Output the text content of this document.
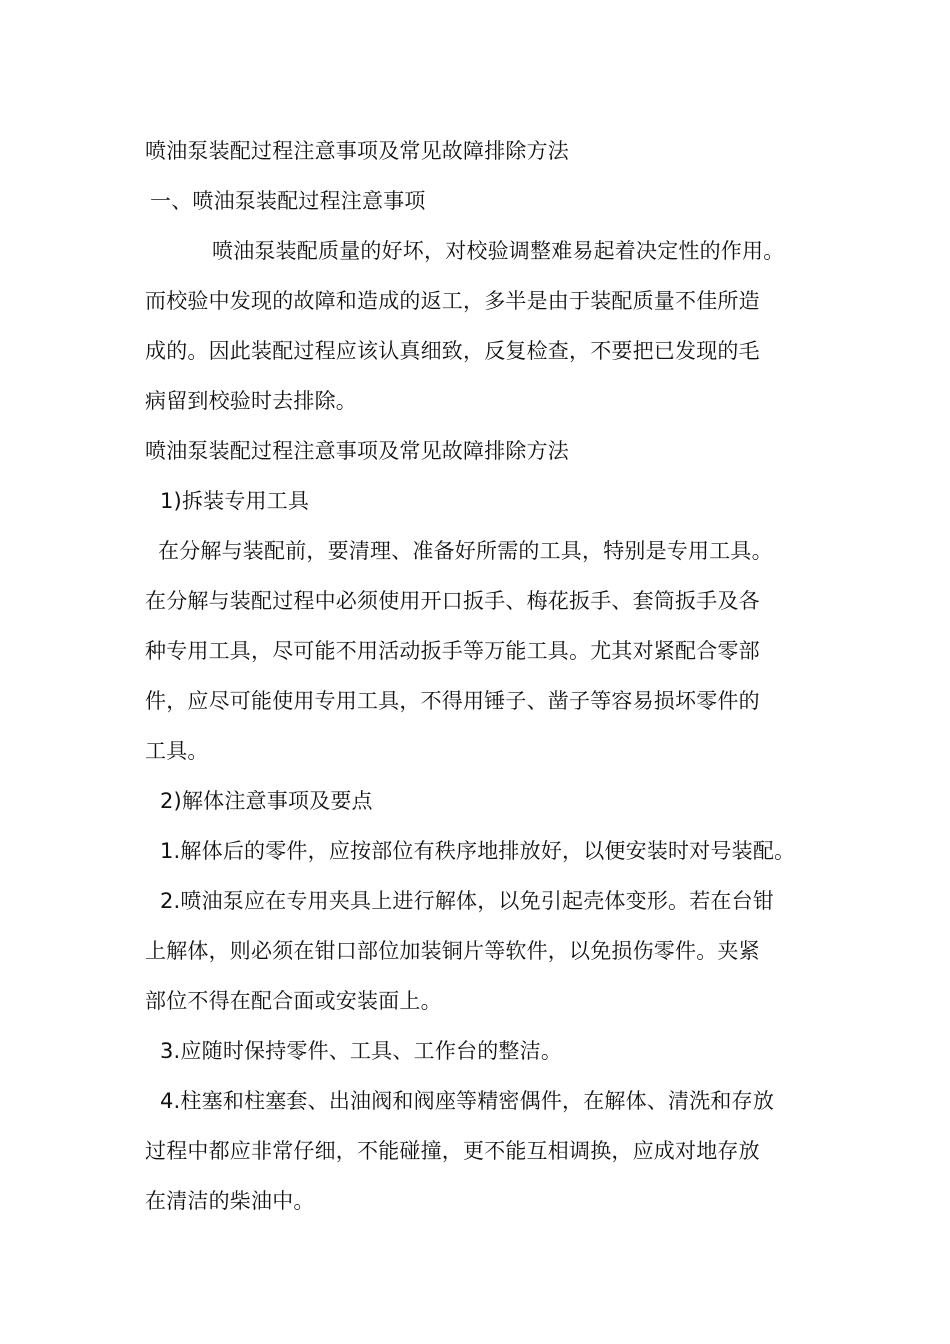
喷油泵装配过程注意事项及常见故障排除方法
一、喷油泵装配过程注意事项
喷油泵装配质量的好坏，对校验调整难易起着决定性的作用。
而校验中发现的故障和造成的返工，多半是由于装配质量不佳所造
成的。因此装配过程应该认真细致，反复检查，不要把已发现的毛
病留到校验时去排除。
喷油泵装配过程注意事项及常见故障排除方法
1)拆装专用工具
在分解与装配前，要清理、准备好所需的工具，特别是专用工具。
在分解与装配过程中必须使用开口扳手、梅花扳手、套筒扳手及各
种专用工具，尽可能不用活动扳手等万能工具。尤其对紧配合零部
件，应尽可能使用专用工具，不得用锤子、凿子等容易损坏零件的
工具。
2)解体注意事项及要点
1.解体后的零件，应按部位有秩序地排放好，以便安装时对号装配。
2.喷油泵应在专用夹具上进行解体，以免引起壳体变形。若在台钳
上解体，则必须在钳口部位加装铜片等软件，以免损伤零件。夹紧
部位不得在配合面或安装面上。
3.应随时保持零件、工具、工作台的整洁。
4.柱塞和柱塞套、出油阀和阀座等精密偶件，在解体、清洗和存放
过程中都应非常仔细，不能碰撞，更不能互相调换，应成对地存放
在清洁的柴油中。
